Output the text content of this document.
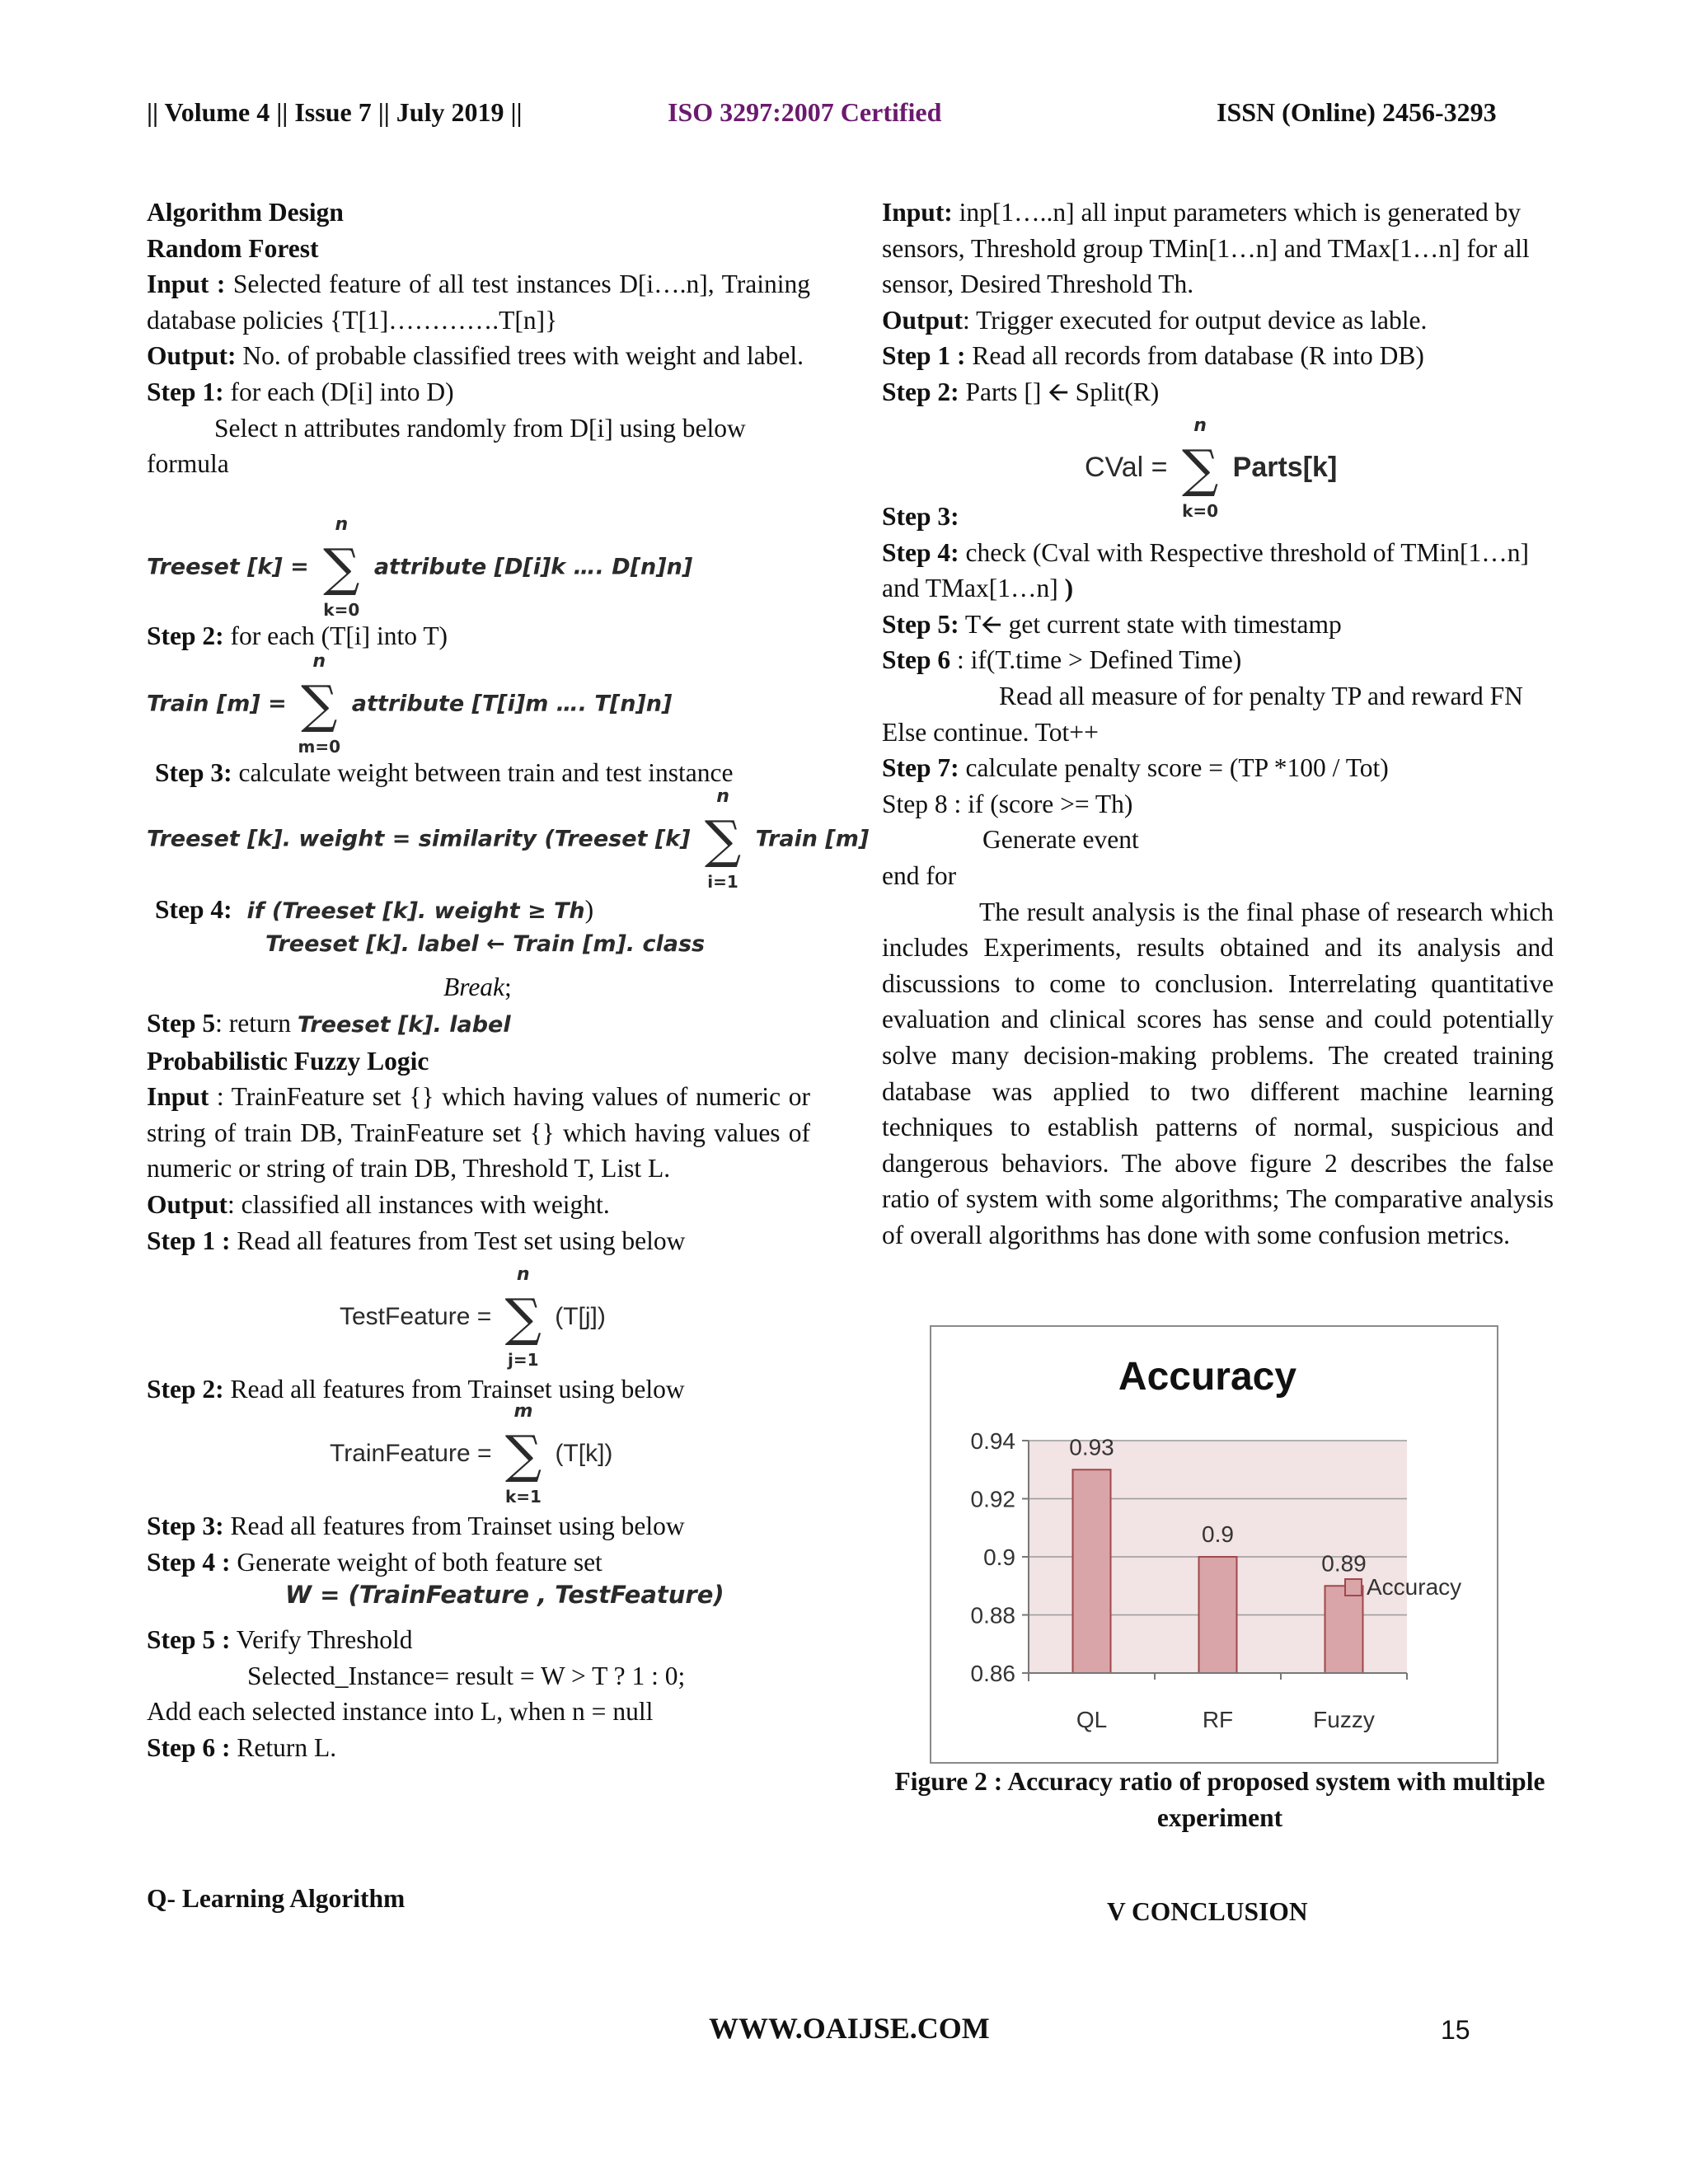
|| Volume 4 || Issue 7 || July 2019 ||	ISO 3297:2007 Certified	ISSN (Online) 2456-3293

Algorithm Design

Random Forest

Input : Selected feature of all test instances D[i….n], Training database policies {T[1]………….T[n]}

Output: No. of probable classified trees with weight and label.

Step 1: for each (D[i] into D)

Select n attributes randomly from D[i] using below formula

Treeset [k] =
n
∑
k=0
attribute [D[i]k …. D[n]n]

Step 2: for each (T[i] into T)

Train [m] =
n
∑
m=0
attribute [T[i]m …. T[n]n]

Step 3: calculate weight between train and test instance

Treeset [k]. weight = similarity (Treeset [k]
n
∑
i=1
Train [m]
Step 4: if (Treeset [k]. weight ≥ Th)
Treeset [k]. label ← Train [m]. class
Break;

Step 5: return Treeset [k]. label

Probabilistic Fuzzy Logic

Input : TrainFeature set {} which having values of numeric or string of train DB, TrainFeature set {} which having values of numeric or string of train DB, Threshold T, List L.

Output: classified all instances with weight.

Step 1 : Read all features from Test set using below

TestFeature =
n
∑
j=1
(T[j])

Step 2: Read all features from Trainset using below

TrainFeature =
m
∑
k=1
(T[k])

Step 3: Read all features from Trainset using below

Step 4 : Generate weight of both feature set

W = (TrainFeature , TestFeature)

Step 5 : Verify Threshold

Selected_Instance= result = W > T ? 1 : 0;

Add each selected instance into L, when n = null

Step 6 : Return L.

Q- Learning Algorithm

Input: inp[1…..n] all input parameters which is generated by sensors, Threshold group TMin[1…n] and TMax[1…n] for all sensor, Desired Threshold Th.

Output: Trigger executed for output device as lable.

Step 1 : Read all records from database (R into DB)

Step 2: Parts [] 🡨 Split(R)

CVal =
n
∑
k=0
Parts[k]

Step 3:

Step 4: check (Cval with Respective threshold of TMin[1…n] and TMax[1…n] )

Step 5: T🡨 get current state with timestamp

Step 6 : if(T.time > Defined Time)

Read all measure of for penalty TP and reward FN

Else continue. Tot++

Step 7: calculate penalty score = (TP *100 / Tot)

Step 8 : if (score >= Th)

Generate event

end for

The result analysis is the final phase of research which includes Experiments, results obtained and its analysis and discussions to come to conclusion. Interrelating quantitative evaluation and clinical scores has sense and could potentially solve many decision-making problems. The created training database was applied to two different machine learning techniques to establish patterns of normal, suspicious and dangerous behaviors. The above figure 2 describes the false ratio of system with some algorithms; The comparative analysis of overall algorithms has done with some confusion metrics.

Accuracy
0.94
0.92
0.9
0.88
0.86
0.93
0.9
0.89
QL	RF	Fuzzy
Accuracy
Figure 2 : Accuracy ratio of proposed system with multiple experiment
V CONCLUSION
WWW.OAIJSE.COM	15
